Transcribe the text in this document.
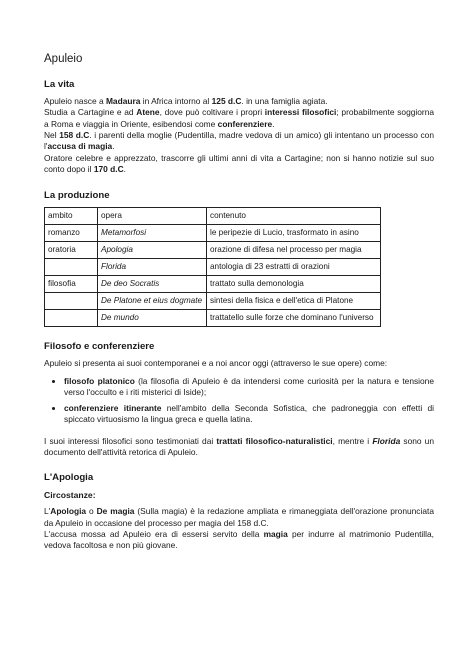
Apuleio
La vita

Apuleio nasce a Madaura in Africa intorno al 125 d.C. in una famiglia agiata.

Studia a Cartagine e ad Atene, dove può coltivare i propri interessi filosofici; probabilmente soggiorna a Roma e viaggia in Oriente, esibendosi come conferenziere.

Nel 158 d.C. i parenti della moglie (Pudentilla, madre vedova di un amico) gli intentano un processo con l'accusa di magia.

Oratore celebre e apprezzato, trascorre gli ultimi anni di vita a Cartagine; non si hanno notizie sul suo conto dopo il 170 d.C.

La produzione
ambito	opera	contenuto
romanzo	Metamorfosi	le peripezie di Lucio, trasformato in asino
oratoria	Apologia	orazione di difesa nel processo per magia
	Florida	antologia di 23 estratti di orazioni
filosofia	De deo Socratis	trattato sulla demonologia
	De Platone et eius dogmate	sintesi della fisica e dell'etica di Platone
	De mundo	trattatello sulle forze che dominano l'universo
Filosofo e conferenziere

Apuleio si presenta ai suoi contemporanei e a noi ancor oggi (attraverso le sue opere) come:

• filosofo platonico (la filosofia di Apuleio è da intendersi come curiosità per la natura e tensione verso l'occulto e i riti misterici di Iside);
• conferenziere itinerante nell'ambito della Seconda Sofistica, che padroneggia con effetti di spiccato virtuosismo la lingua greca e quella latina.

I suoi interessi filosofici sono testimoniati dai trattati filosofico-naturalistici, mentre i Florida sono un documento dell'attività retorica di Apuleio.

L'Apologia
Circostanze:

L'Apologia o De magia (Sulla magia) è la redazione ampliata e rimaneggiata dell'orazione pronunciata da Apuleio in occasione del processo per magia del 158 d.C.

L'accusa mossa ad Apuleio era di essersi servito della magia per indurre al matrimonio Pudentilla, vedova facoltosa e non più giovane.
